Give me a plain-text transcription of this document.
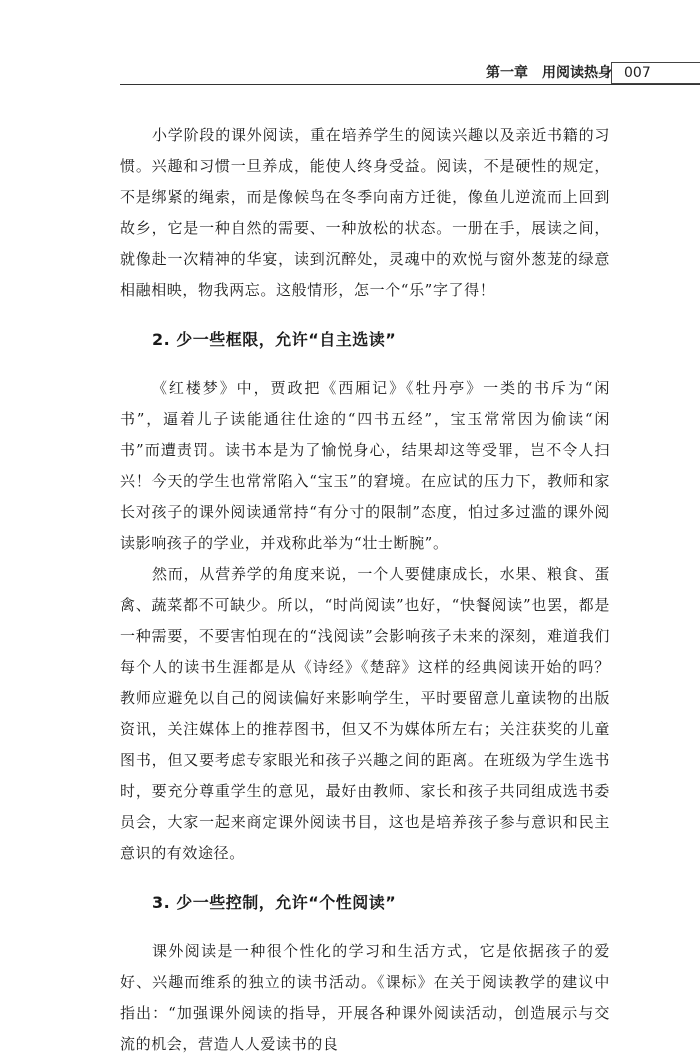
第一章　用阅读热身 007

小学阶段的课外阅读，重在培养学生的阅读兴趣以及亲近书籍的习惯。兴趣和习惯一旦养成，能使人终身受益。阅读，不是硬性的规定，不是绑紧的绳索，而是像候鸟在冬季向南方迁徙，像鱼儿逆流而上回到故乡，它是一种自然的需要、一种放松的状态。一册在手，展读之间，就像赴一次精神的华宴，读到沉醉处，灵魂中的欢悦与窗外葱茏的绿意相融相映，物我两忘。这般情形，怎一个“乐”字了得！

2. 少一些框限，允许“自主选读”

《红楼梦》中，贾政把《西厢记》《牡丹亭》一类的书斥为“闲书”，逼着儿子读能通往仕途的“四书五经”，宝玉常常因为偷读“闲书”而遭责罚。读书本是为了愉悦身心，结果却这等受罪，岂不令人扫兴！今天的学生也常常陷入“宝玉”的窘境。在应试的压力下，教师和家长对孩子的课外阅读通常持“有分寸的限制”态度，怕过多过滥的课外阅读影响孩子的学业，并戏称此举为“壮士断腕”。

然而，从营养学的角度来说，一个人要健康成长，水果、粮食、蛋禽、蔬菜都不可缺少。所以，“时尚阅读”也好，“快餐阅读”也罢，都是一种需要，不要害怕现在的“浅阅读”会影响孩子未来的深刻，难道我们每个人的读书生涯都是从《诗经》《楚辞》这样的经典阅读开始的吗？教师应避免以自己的阅读偏好来影响学生，平时要留意儿童读物的出版资讯，关注媒体上的推荐图书，但又不为媒体所左右；关注获奖的儿童图书，但又要考虑专家眼光和孩子兴趣之间的距离。在班级为学生选书时，要充分尊重学生的意见，最好由教师、家长和孩子共同组成选书委员会，大家一起来商定课外阅读书目，这也是培养孩子参与意识和民主意识的有效途径。

3. 少一些控制，允许“个性阅读”

课外阅读是一种很个性化的学习和生活方式，它是依据孩子的爱好、兴趣而维系的独立的读书活动。《课标》在关于阅读教学的建议中指出：“加强课外阅读的指导，开展各种课外阅读活动，创造展示与交流的机会，营造人人爱读书的良
